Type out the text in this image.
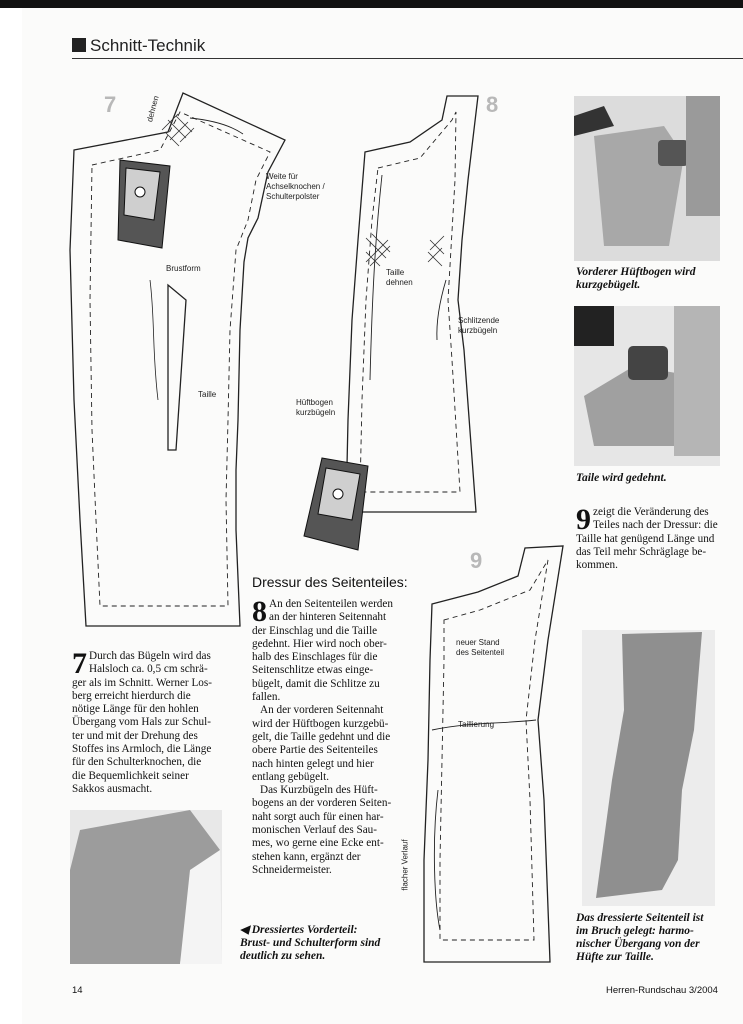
Schnitt-Technik
7	8
9
dehnen
Weite für
Achselknochen /
Schulterpolster
Brustform
Taille
Taille
dehnen
Schlitzende
kurzbügeln
Hüftbogen
kurzbügeln
neuer Stand
des Seitenteil
Taillierung
flacher Verlauf
Vorderer Hüftbogen wird
kurzgebügelt.
Taile wird gedehnt.
Das dressierte Seitenteil ist
im Bruch gelegt: harmo-
nischer Übergang von der
Hüfte zur Taille.
◀ Dressiertes Vorderteil:
Brust- und Schulterform sind
deutlich zu sehen.
7 Durch das Bügeln wird das
Halsloch ca. 0,5 cm schrä-
ger als im Schnitt. Werner Los-
berg erreicht hierdurch die
nötige Länge für den hohlen
Übergang vom Hals zur Schul-
ter und mit der Drehung des
Stoffes ins Armloch, die Länge
für den Schulterknochen, die
die Bequemlichkeit seiner
Sakkos ausmacht.
Dressur des Seitenteiles:
8 An den Seitenteilen werden
an der hinteren Seitennaht
der Einschlag und die Taille
gedehnt. Hier wird noch ober-
halb des Einschlages für die
Seitenschlitze etwas einge-
bügelt, damit die Schlitze zu
fallen.
An der vorderen Seitennaht
wird der Hüftbogen kurzgebü-
gelt, die Taille gedehnt und die
obere Partie des Seitenteiles
nach hinten gelegt und hier
entlang gebügelt.
Das Kurzbügeln des Hüft-
bogens an der vorderen Seiten-
naht sorgt auch für einen har-
monischen Verlauf des Sau-
mes, wo gerne eine Ecke ent-
stehen kann, ergänzt der
Schneidermeister.
9 zeigt die Veränderung des
Teiles nach der Dressur: die
Taille hat genügend Länge und
das Teil mehr Schräglage be-
kommen.
14	Herren-Rundschau 3/2004
